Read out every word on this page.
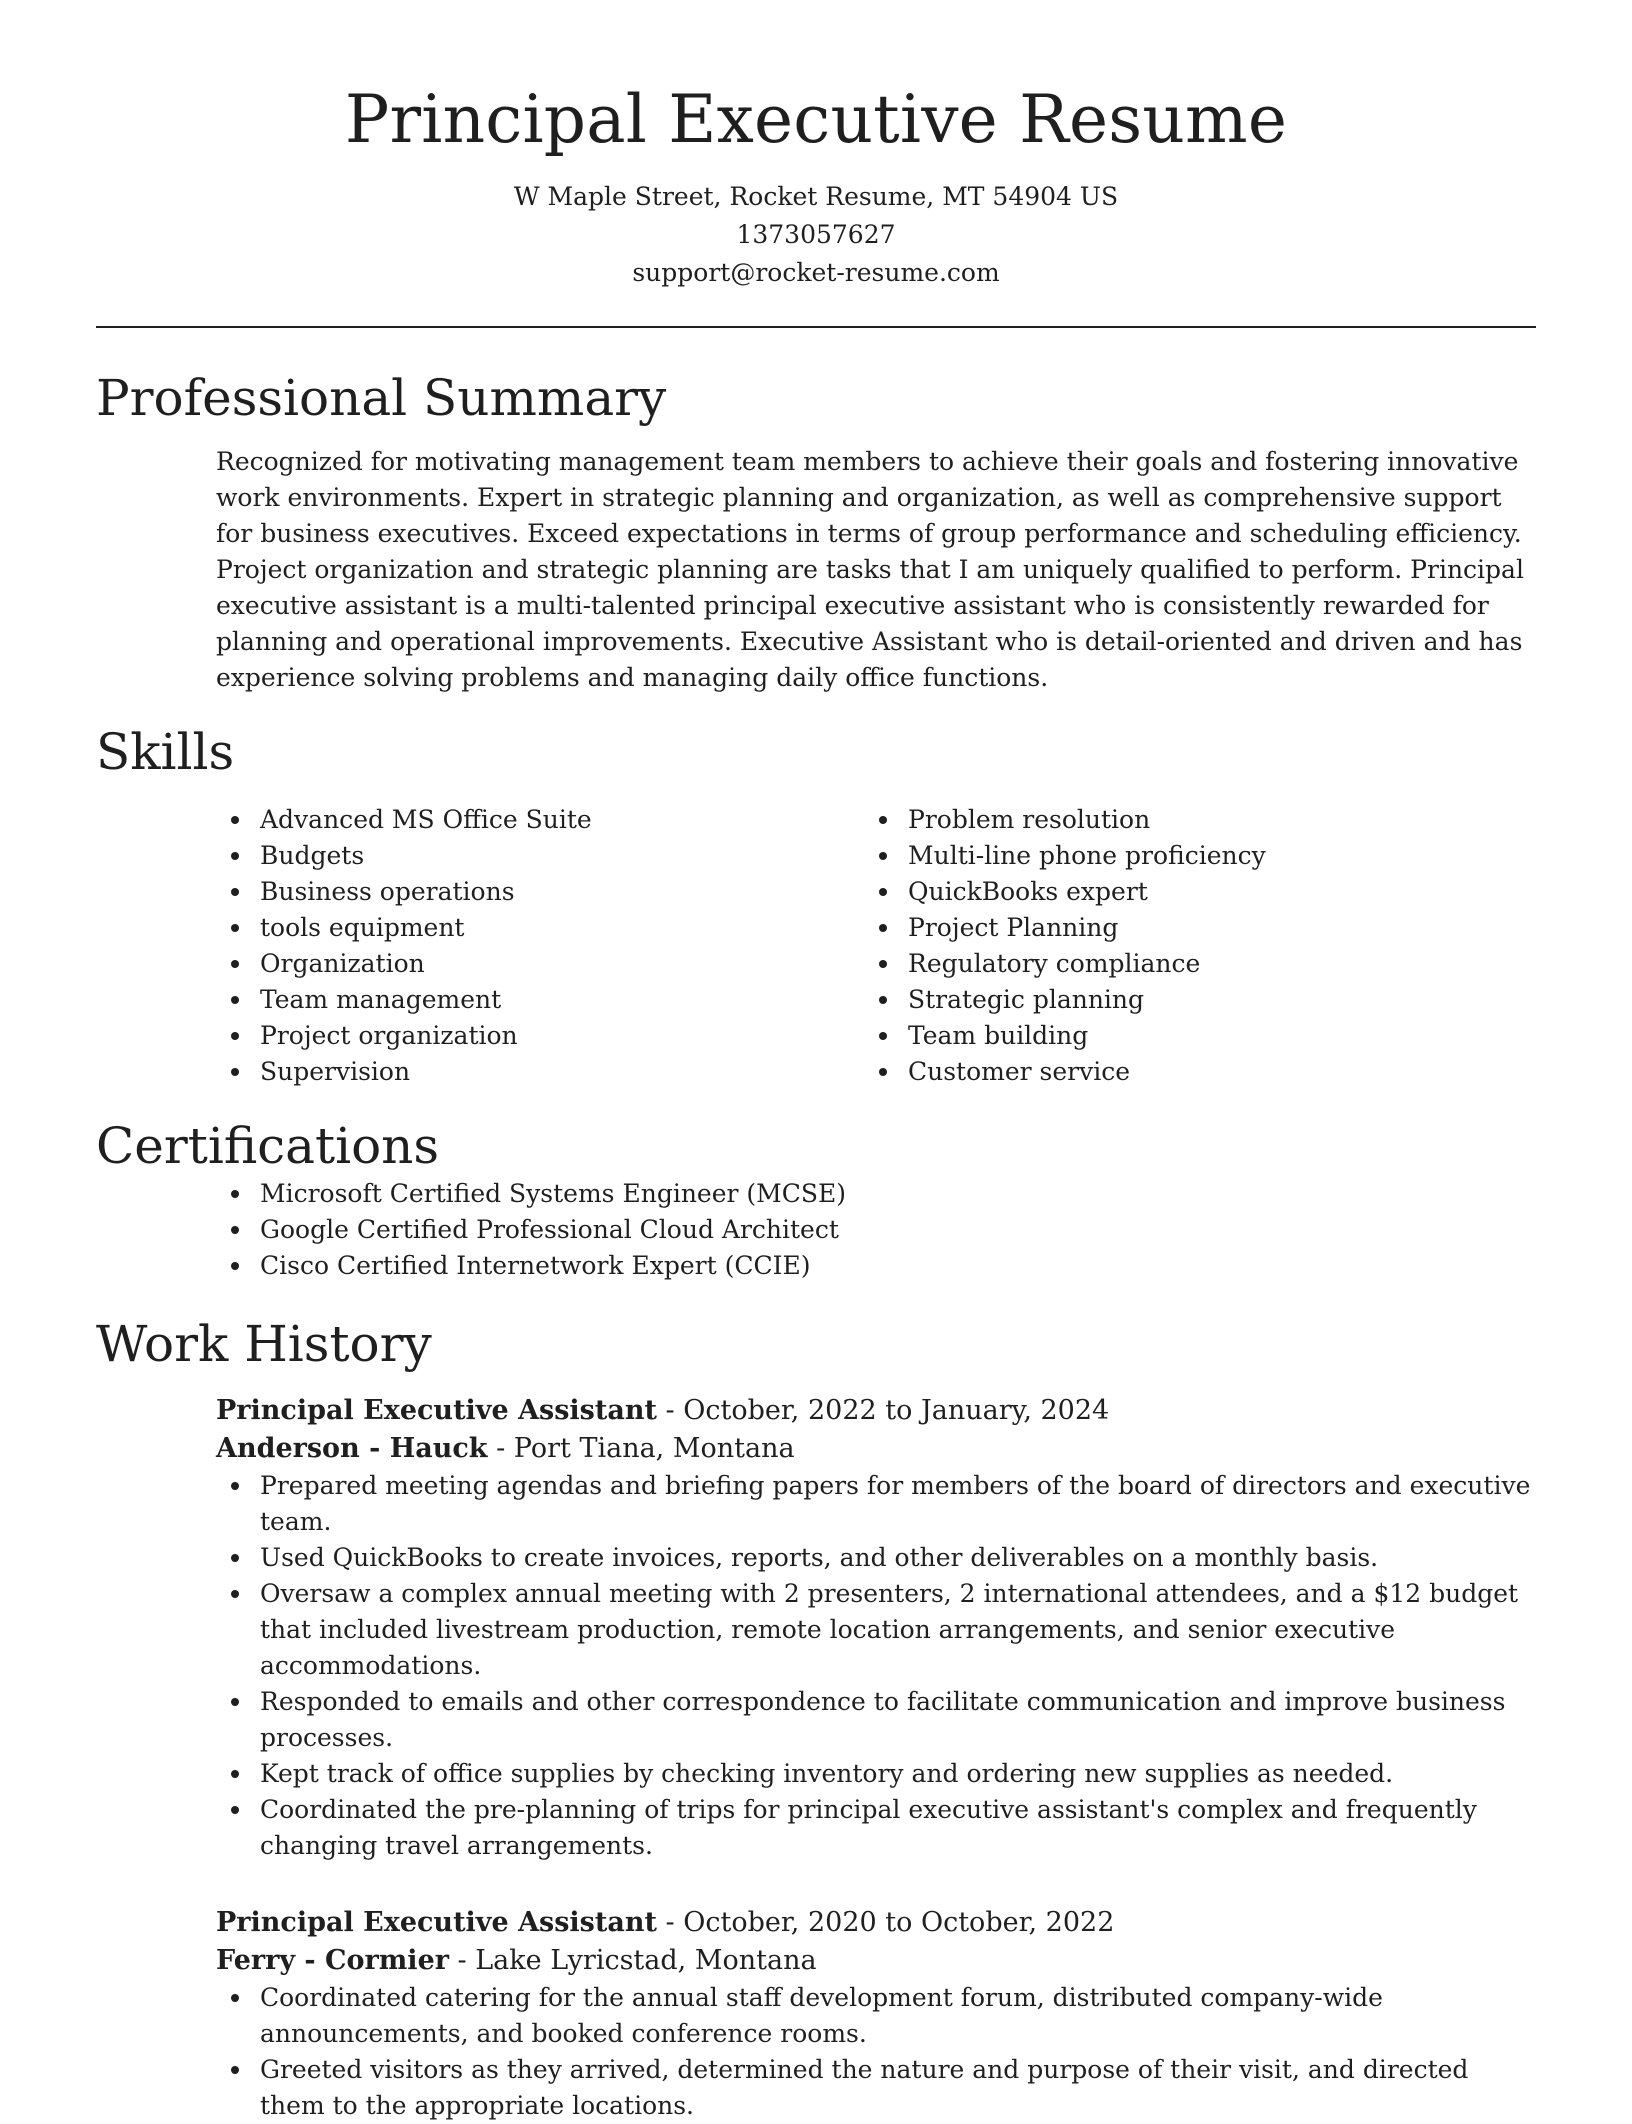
Principal Executive Resume
W Maple Street, Rocket Resume, MT 54904 US
1373057627
support@rocket-resume.com
Professional Summary

Recognized for motivating management team members to achieve their goals and fostering innovative work environments. Expert in strategic planning and organization, as well as comprehensive support for business executives. Exceed expectations in terms of group performance and scheduling efficiency. Project organization and strategic planning are tasks that I am uniquely qualified to perform. Principal executive assistant is a multi-talented principal executive assistant who is consistently rewarded for planning and operational improvements. Executive Assistant who is detail-oriented and driven and has experience solving problems and managing daily office functions.

Skills
Advanced MS Office Suite
Budgets
Business operations
tools equipment
Organization
Team management
Project organization
Supervision
Problem resolution
Multi-line phone proficiency
QuickBooks expert
Project Planning
Regulatory compliance
Strategic planning
Team building
Customer service
Certifications
Microsoft Certified Systems Engineer (MCSE)
Google Certified Professional Cloud Architect
Cisco Certified Internetwork Expert (CCIE)
Work History
Principal Executive Assistant - October, 2022 to January, 2024
Anderson - Hauck - Port Tiana, Montana
Prepared meeting agendas and briefing papers for members of the board of directors and executive team.
Used QuickBooks to create invoices, reports, and other deliverables on a monthly basis.
Oversaw a complex annual meeting with 2 presenters, 2 international attendees, and a $12 budget that included livestream production, remote location arrangements, and senior executive accommodations.
Responded to emails and other correspondence to facilitate communication and improve business processes.
Kept track of office supplies by checking inventory and ordering new supplies as needed.
Coordinated the pre-planning of trips for principal executive assistant's complex and frequently changing travel arrangements.
Principal Executive Assistant - October, 2020 to October, 2022
Ferry - Cormier - Lake Lyricstad, Montana
Coordinated catering for the annual staff development forum, distributed company-wide announcements, and booked conference rooms.
Greeted visitors as they arrived, determined the nature and purpose of their visit, and directed them to the appropriate locations.
